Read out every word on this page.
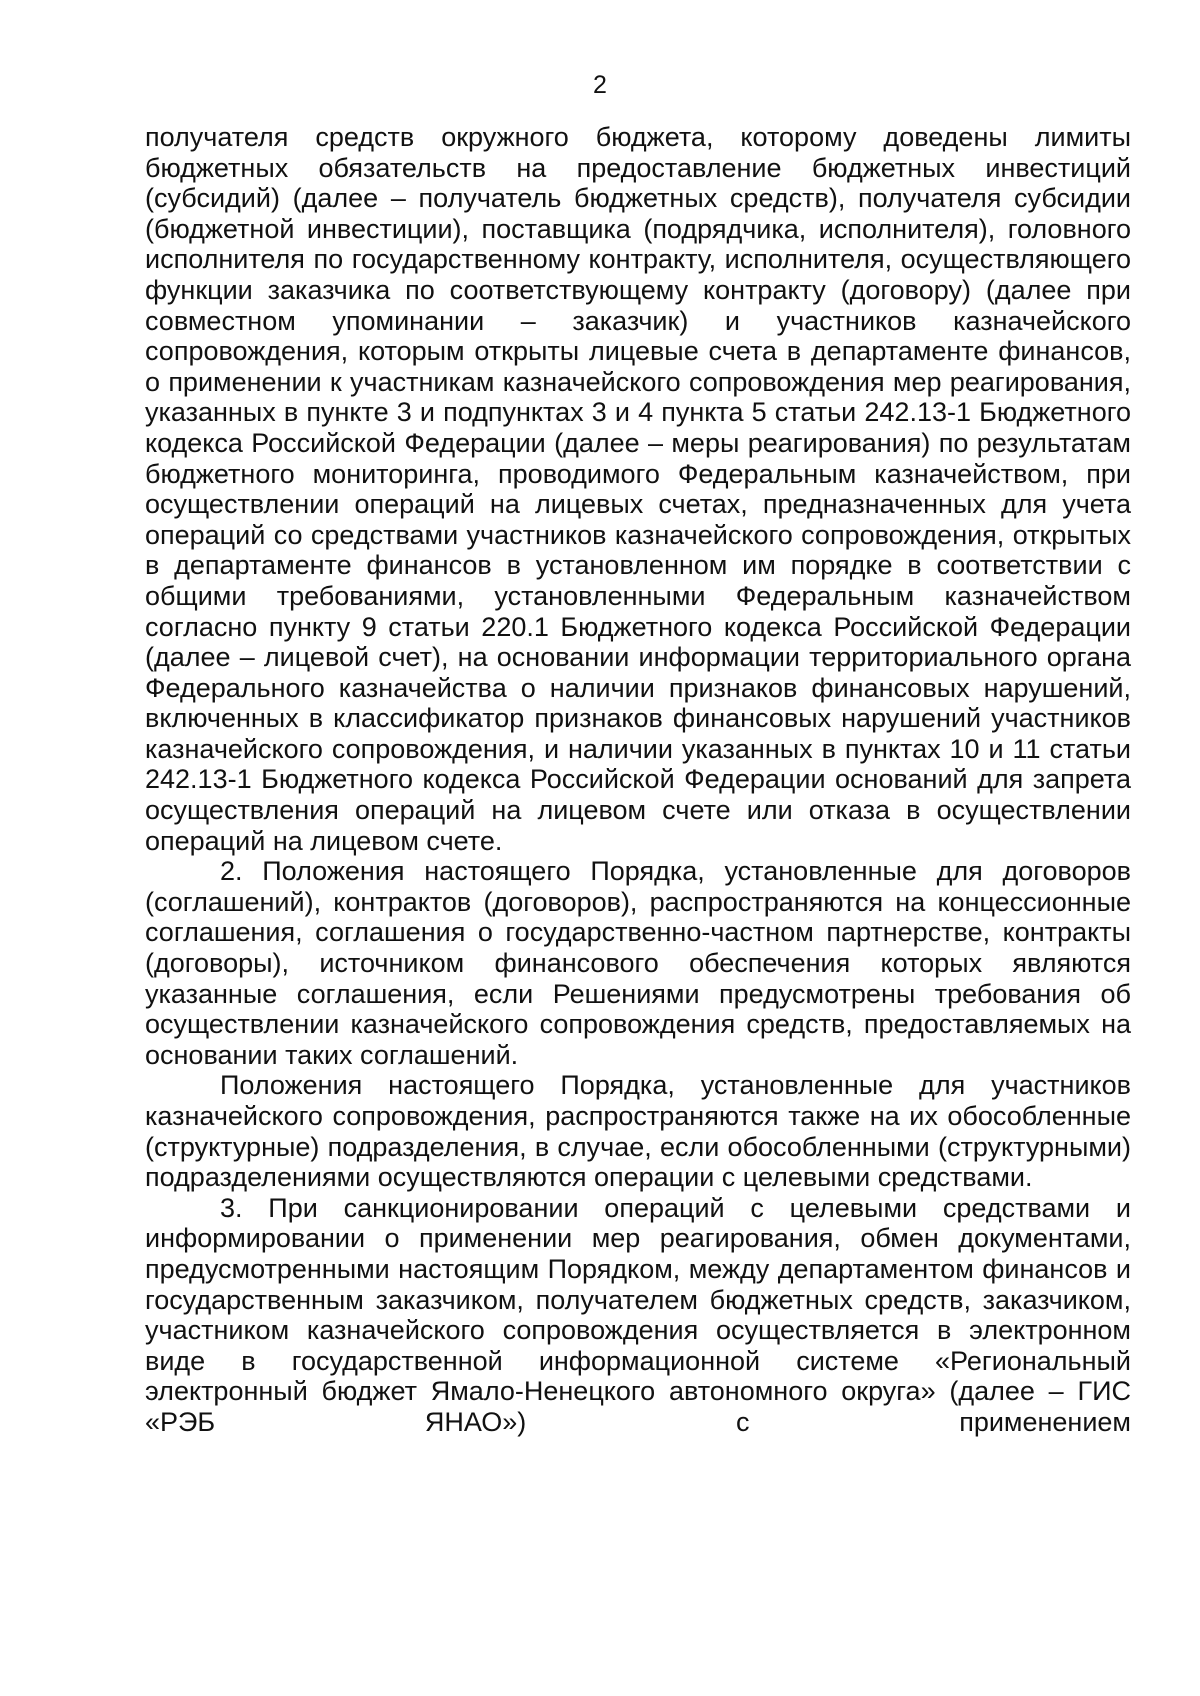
2

получателя средств окружного бюджета, которому доведены лимиты бюджетных обязательств на предоставление бюджетных инвестиций (субсидий) (далее – получатель бюджетных средств), получателя субсидии (бюджетной инвестиции), поставщика (подрядчика, исполнителя), головного исполнителя по государственному контракту, исполнителя, осуществляющего функции заказчика по соответствующему контракту (договору) (далее при совместном упоминании – заказчик) и участников казначейского сопровождения, которым открыты лицевые счета в департаменте финансов, о применении к участникам казначейского сопровождения мер реагирования, указанных в пункте 3 и подпунктах 3 и 4 пункта 5 статьи 242.13-1 Бюджетного кодекса Российской Федерации (далее – меры реагирования) по результатам бюджетного мониторинга, проводимого Федеральным казначейством, при осуществлении операций на лицевых счетах, предназначенных для учета операций со средствами участников казначейского сопровождения, открытых в департаменте финансов в установленном им порядке в соответствии с общими требованиями, установленными Федеральным казначейством согласно пункту 9 статьи 220.1 Бюджетного кодекса Российской Федерации (далее – лицевой счет), на основании информации территориального органа Федерального казначейства о наличии признаков финансовых нарушений, включенных в классификатор признаков финансовых нарушений участников казначейского сопровождения, и наличии указанных в пунктах 10 и 11 статьи 242.13-1 Бюджетного кодекса Российской Федерации оснований для запрета осуществления операций на лицевом счете или отказа в осуществлении операций на лицевом счете.

2. Положения настоящего Порядка, установленные для договоров (соглашений), контрактов (договоров), распространяются на концессионные соглашения, соглашения о государственно-частном партнерстве, контракты (договоры), источником финансового обеспечения которых являются указанные соглашения, если Решениями предусмотрены требования об осуществлении казначейского сопровождения средств, предоставляемых на основании таких соглашений.

Положения настоящего Порядка, установленные для участников казначейского сопровождения, распространяются также на их обособленные (структурные) подразделения, в случае, если обособленными (структурными) подразделениями осуществляются операции с целевыми средствами.

3. При санкционировании операций с целевыми средствами и информировании о применении мер реагирования, обмен документами, предусмотренными настоящим Порядком, между департаментом финансов и государственным заказчиком, получателем бюджетных средств, заказчиком, участником казначейского сопровождения осуществляется в электронном виде в государственной информационной системе «Региональный электронный бюджет Ямало-Ненецкого автономного округа» (далее – ГИС «РЭБ ЯНАО») с применением
